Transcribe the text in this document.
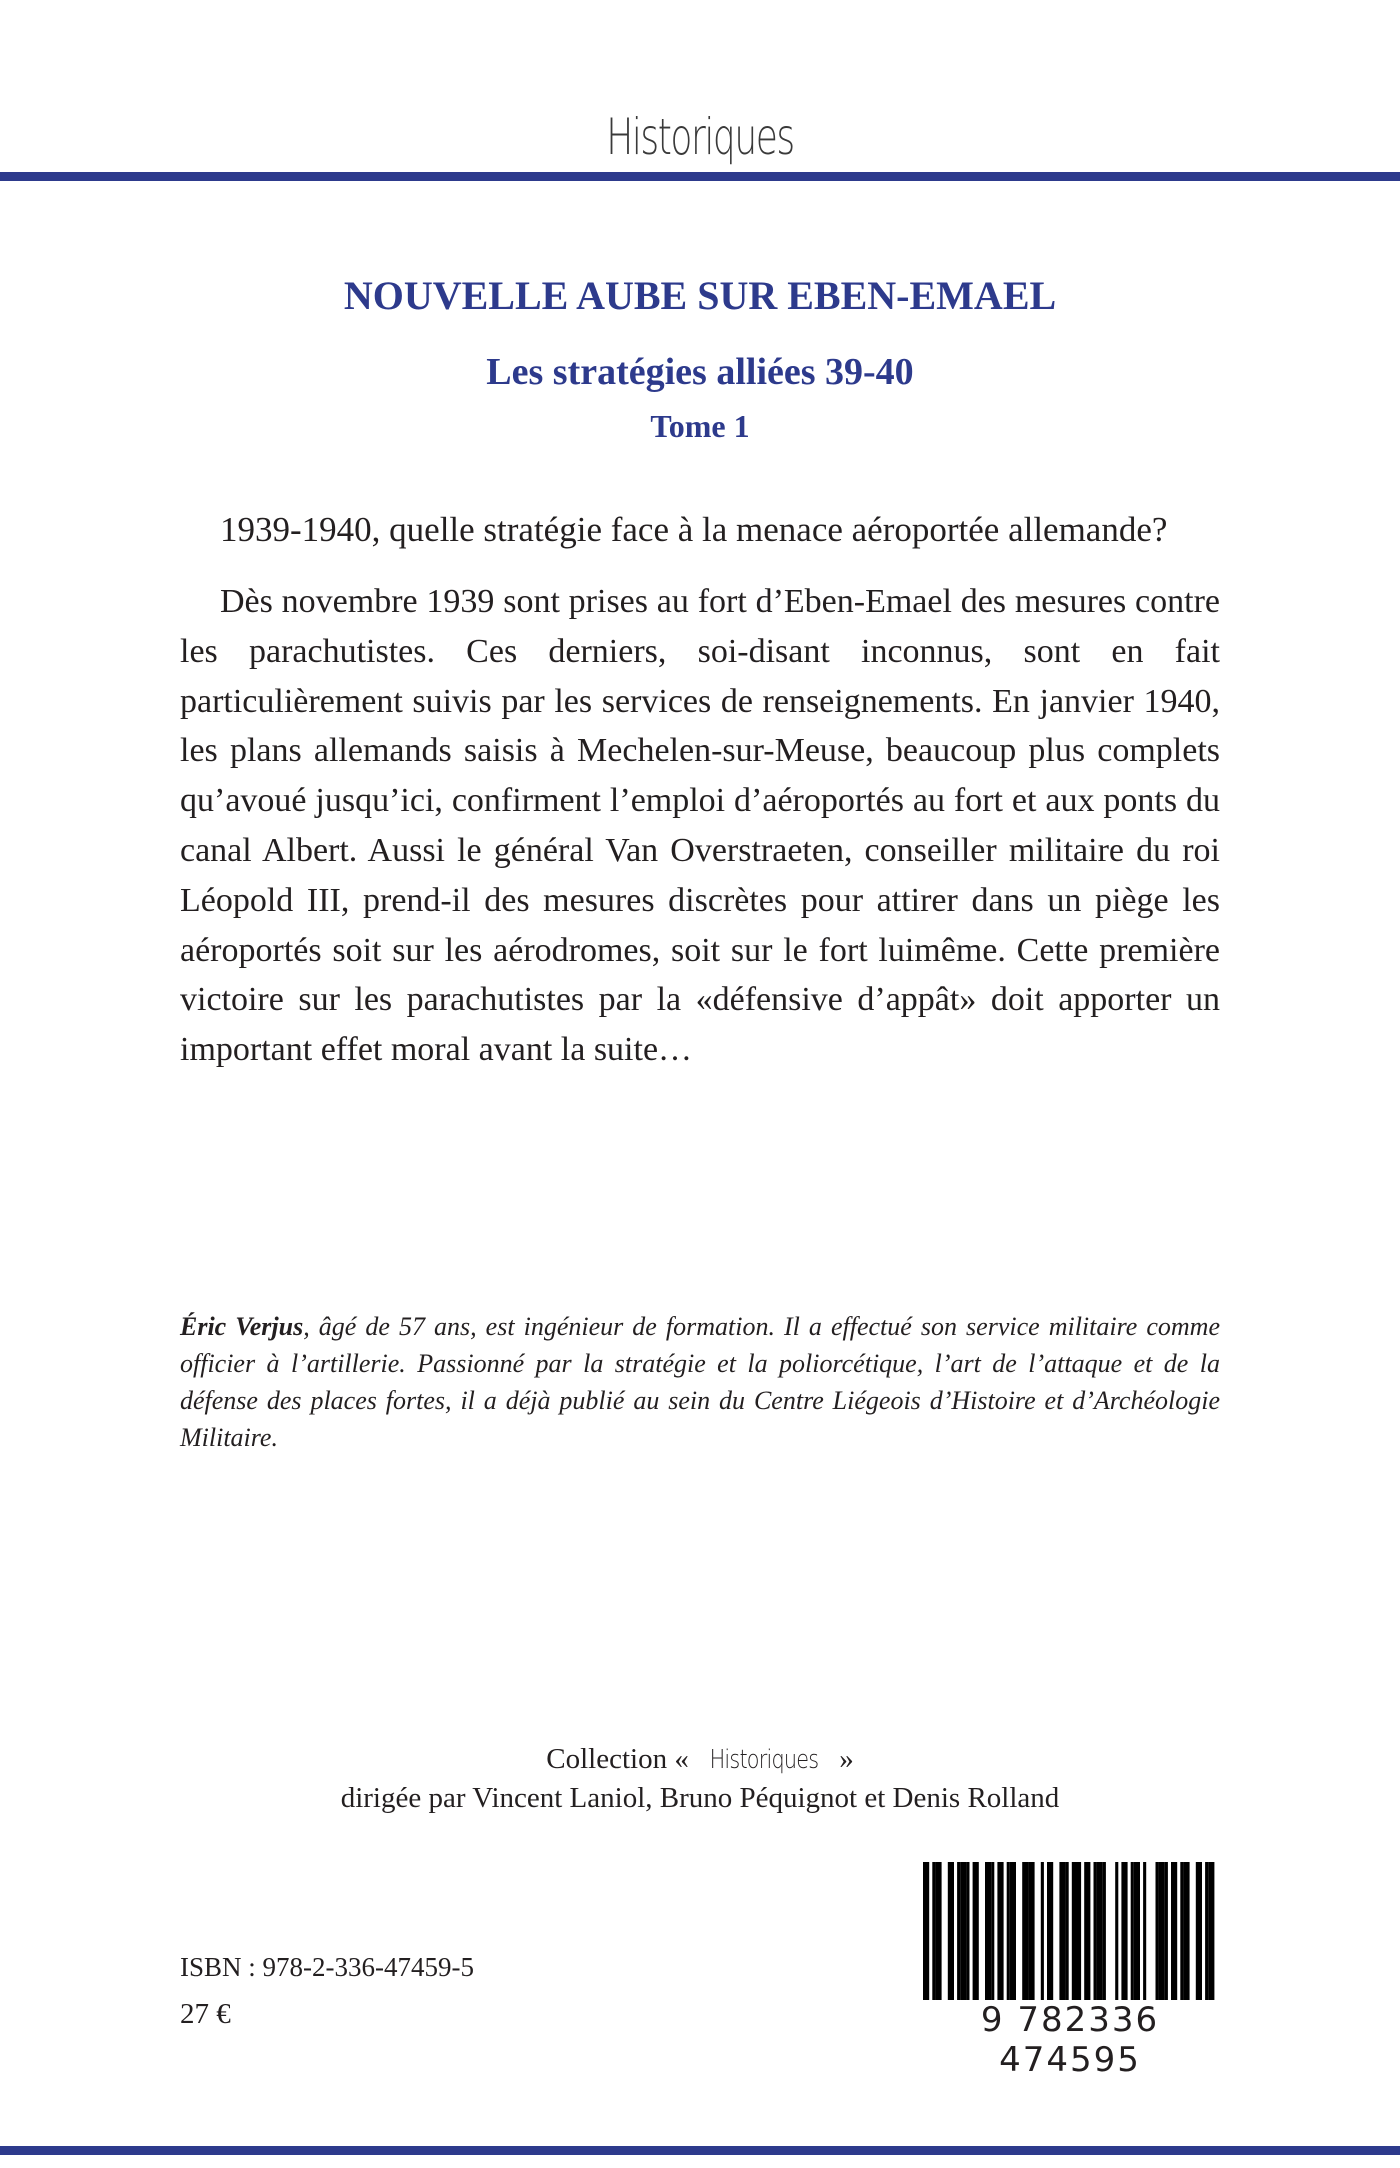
Historiques
NOUVELLE AUBE SUR EBEN-EMAEL
Les stratégies alliées 39-40
Tome 1

1939-1940, quelle stratégie face à la menace aéroportée allemande?

Dès novembre 1939 sont prises au fort d’Eben-Emael des mesures contre les parachutistes. Ces derniers, soi-disant inconnus, sont en fait particulièrement suivis par les services de renseignements. En janvier 1940, les plans allemands saisis à Mechelen-sur-Meuse, beaucoup plus complets qu’avoué jusqu’ici, confirment l’emploi d’aéroportés au fort et aux ponts du canal Albert. Aussi le général Van Overstraeten, conseiller militaire du roi Léopold III, prend-il des mesures discrètes pour attirer dans un piège les aéroportés soit sur les aérodromes, soit sur le fort luimême. Cette première victoire sur les parachutistes par la «défensive d’appât» doit apporter un important effet moral avant la suite…

Éric Verjus, âgé de 57 ans, est ingénieur de formation. Il a effectué son service militaire comme officier à l’artillerie. Passionné par la stratégie et la poliorcétique, l’art de l’attaque et de la défense des places fortes, il a déjà publié au sein du Centre Liégeois d’Histoire et d’Archéologie Militaire.

Collection « Historiques »
dirigée par Vincent Laniol, Bruno Péquignot et Denis Rolland
ISBN : 978-2-336-47459-5
27 €	9 782336 474595
